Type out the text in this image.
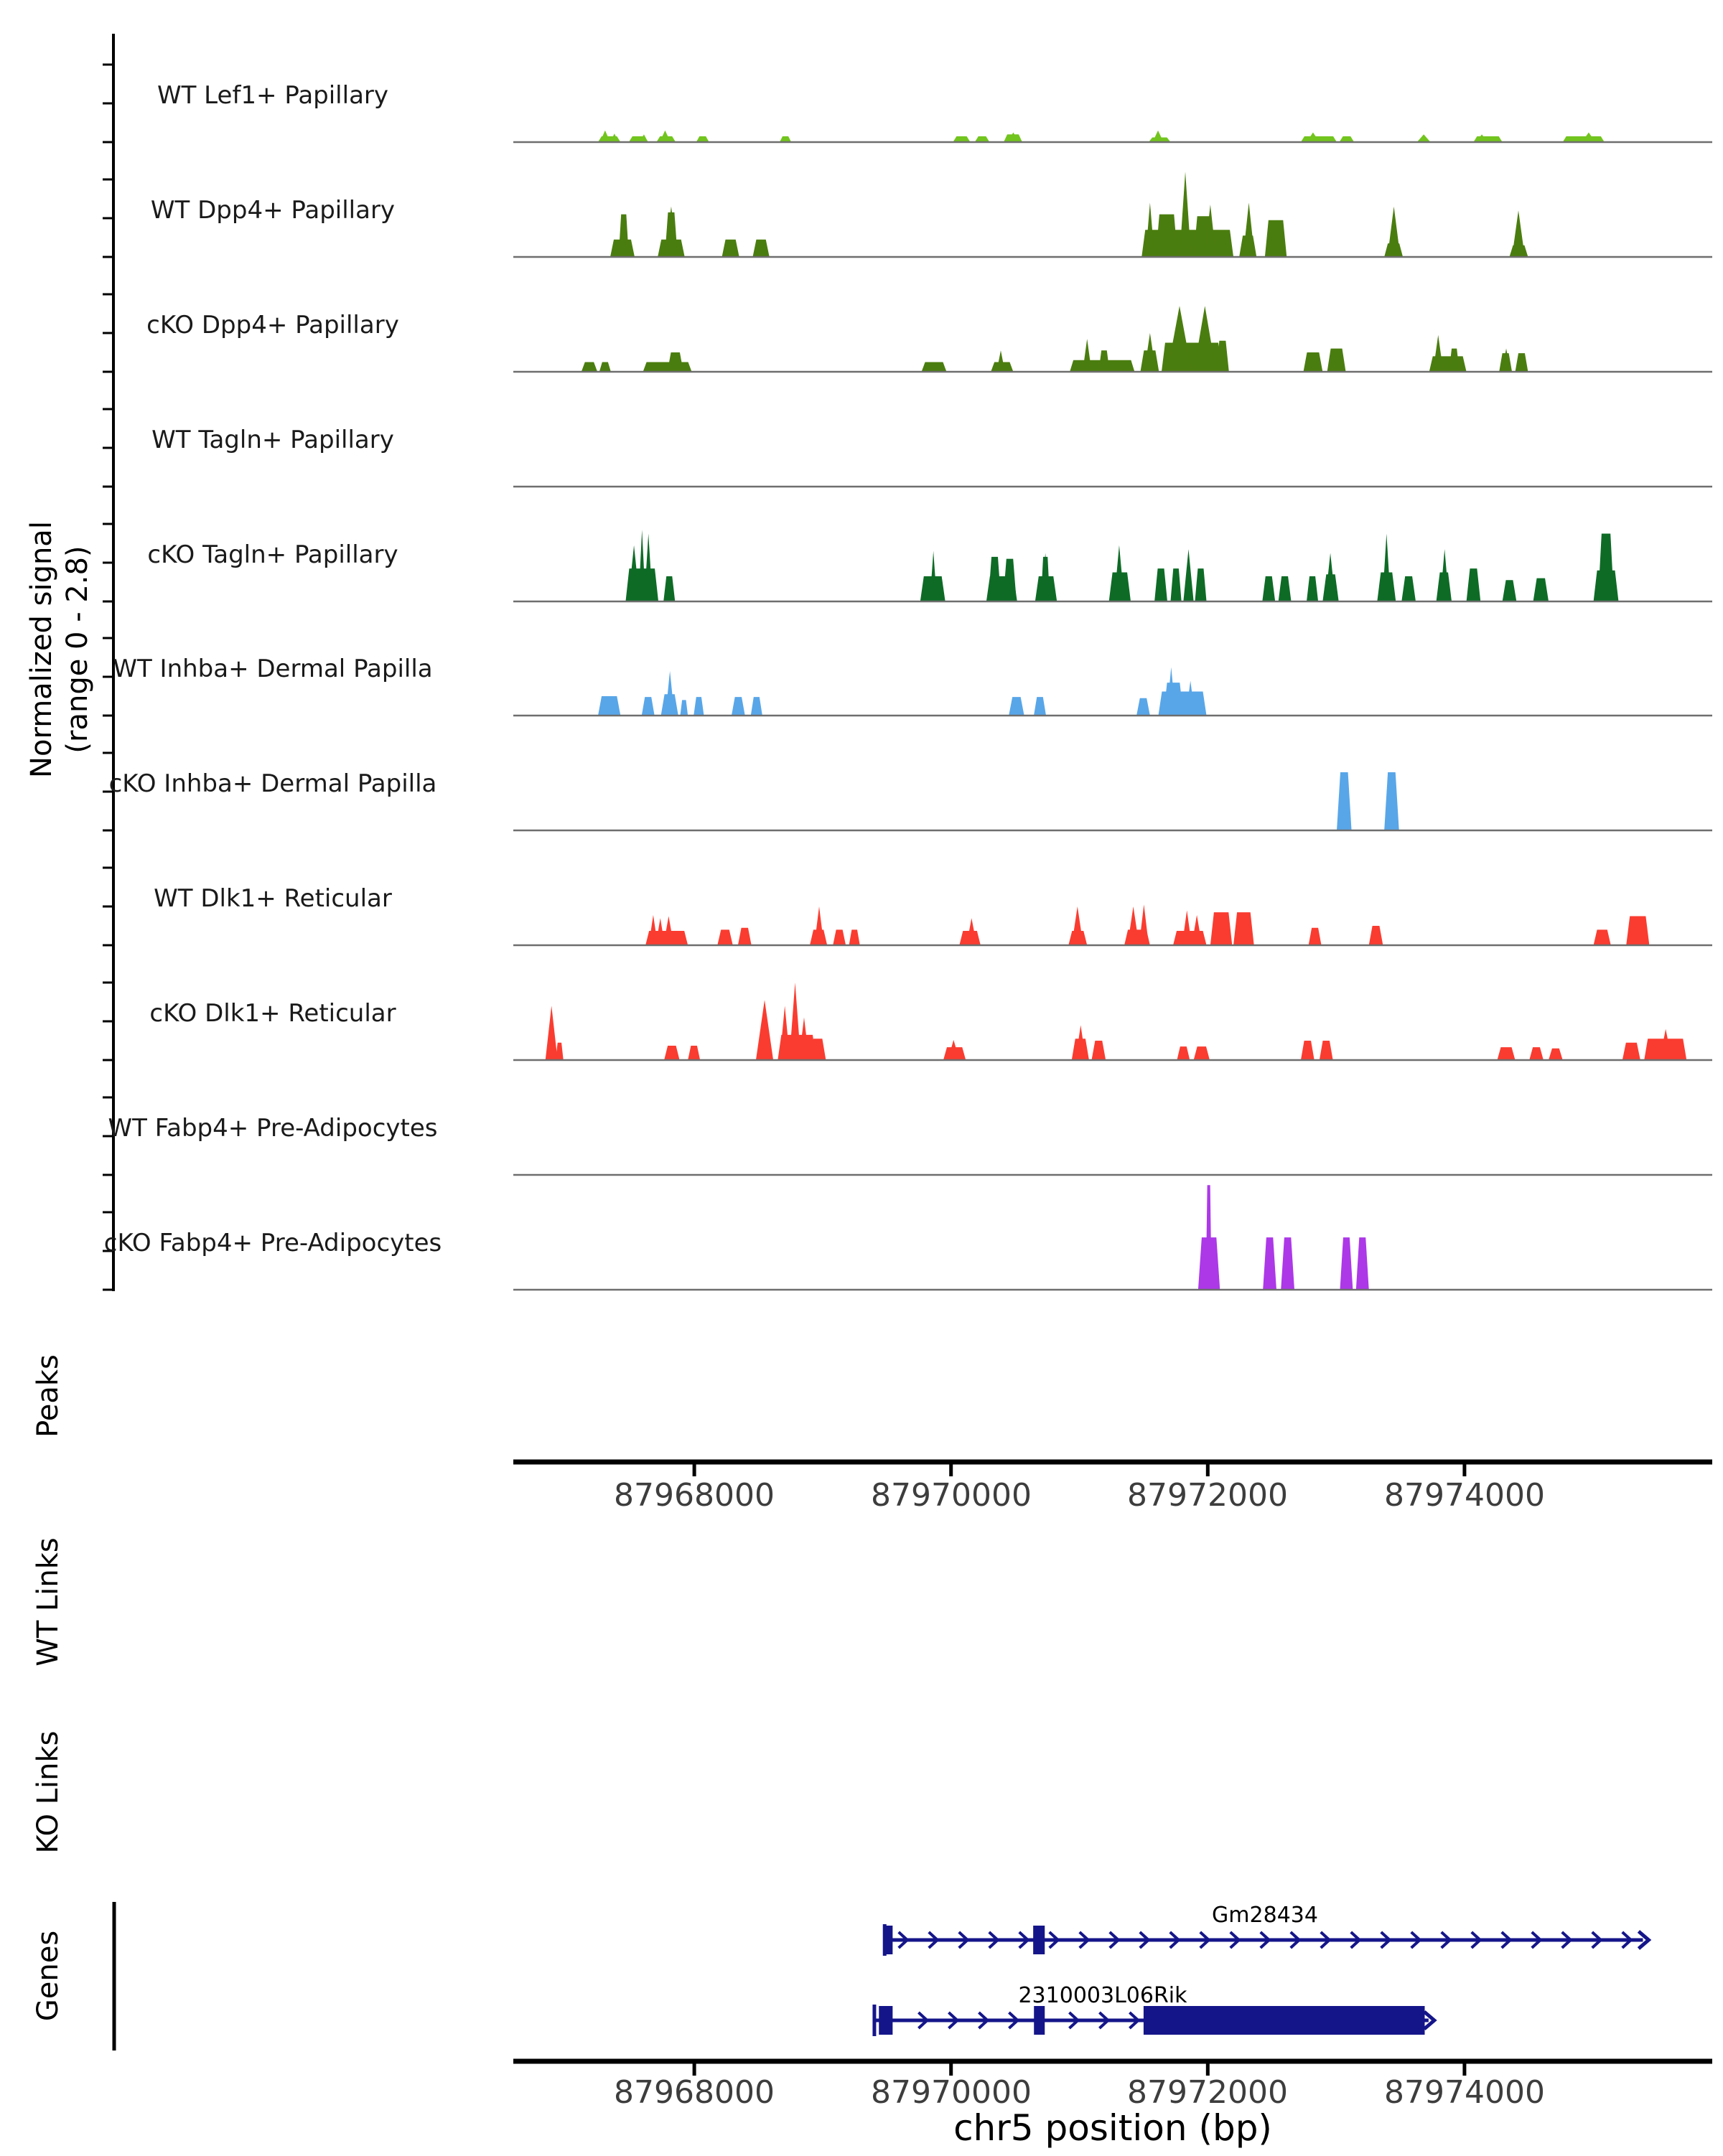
WT Lef1+ Papillary
WT Dpp4+ Papillary
cKO Dpp4+ Papillary
WT Tagln+ Papillary
cKO Tagln+ Papillary
WT Inhba+ Dermal Papilla
cKO Inhba+ Dermal Papilla
WT Dlk1+ Reticular
cKO Dlk1+ Reticular
WT Fabp4+ Pre-Adipocytes
cKO Fabp4+ Pre-Adipocytes
Normalized signal (range 0 - 2.8)
Peaks
WT Links
KO Links
Genes
87968000	87970000	87972000	87974000
87968000	87970000	87972000	87974000
chr5 position (bp)
Gm28434
2310003L06Rik
